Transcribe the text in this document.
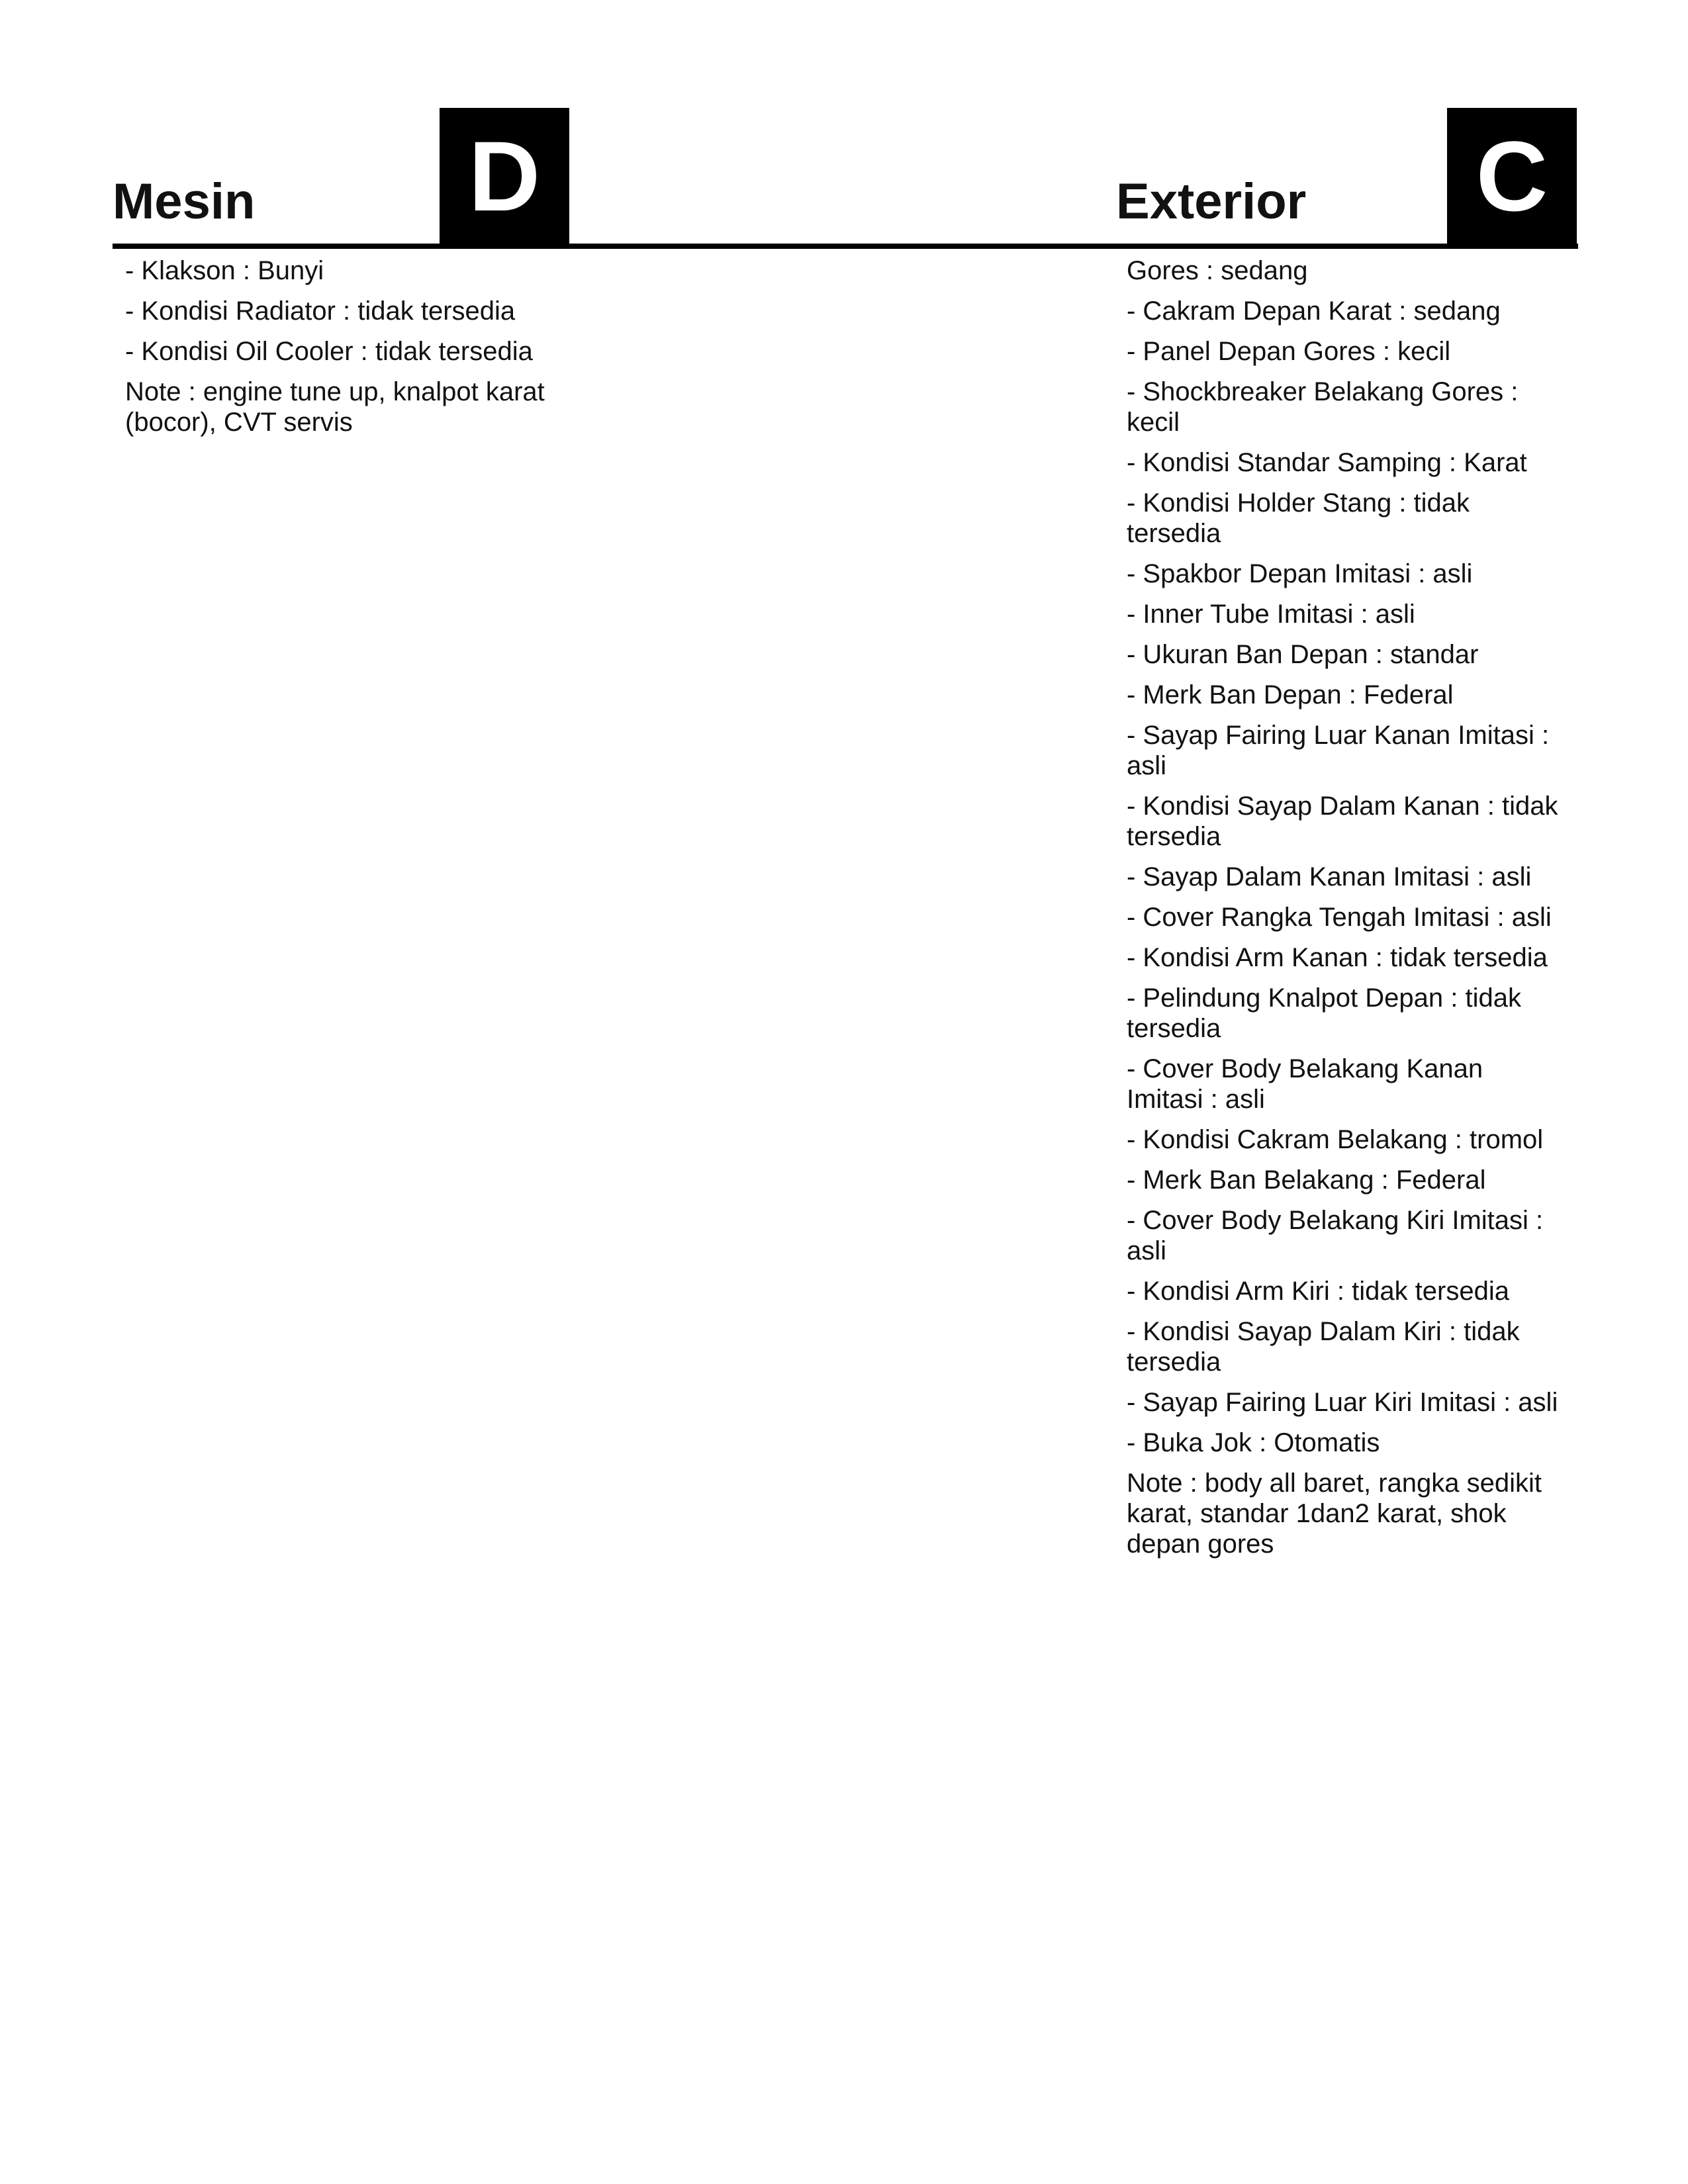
Mesin D	Exterior C
- Klakson : Bunyi
- Kondisi Radiator : tidak tersedia
- Kondisi Oil Cooler : tidak tersedia
Note : engine tune up, knalpot karat (bocor), CVT servis
Gores : sedang
- Cakram Depan Karat : sedang
- Panel Depan Gores : kecil
- Shockbreaker Belakang Gores : kecil
- Kondisi Standar Samping : Karat
- Kondisi Holder Stang : tidak tersedia
- Spakbor Depan Imitasi : asli
- Inner Tube Imitasi : asli
- Ukuran Ban Depan : standar
- Merk Ban Depan : Federal
- Sayap Fairing Luar Kanan Imitasi : asli
- Kondisi Sayap Dalam Kanan : tidak tersedia
- Sayap Dalam Kanan Imitasi : asli
- Cover Rangka Tengah Imitasi : asli
- Kondisi Arm Kanan : tidak tersedia
- Pelindung Knalpot Depan : tidak tersedia
- Cover Body Belakang Kanan Imitasi : asli
- Kondisi Cakram Belakang : tromol
- Merk Ban Belakang : Federal
- Cover Body Belakang Kiri Imitasi : asli
- Kondisi Arm Kiri : tidak tersedia
- Kondisi Sayap Dalam Kiri : tidak tersedia
- Sayap Fairing Luar Kiri Imitasi : asli
- Buka Jok : Otomatis
Note : body all baret, rangka sedikit karat, standar 1dan2 karat, shok depan gores
